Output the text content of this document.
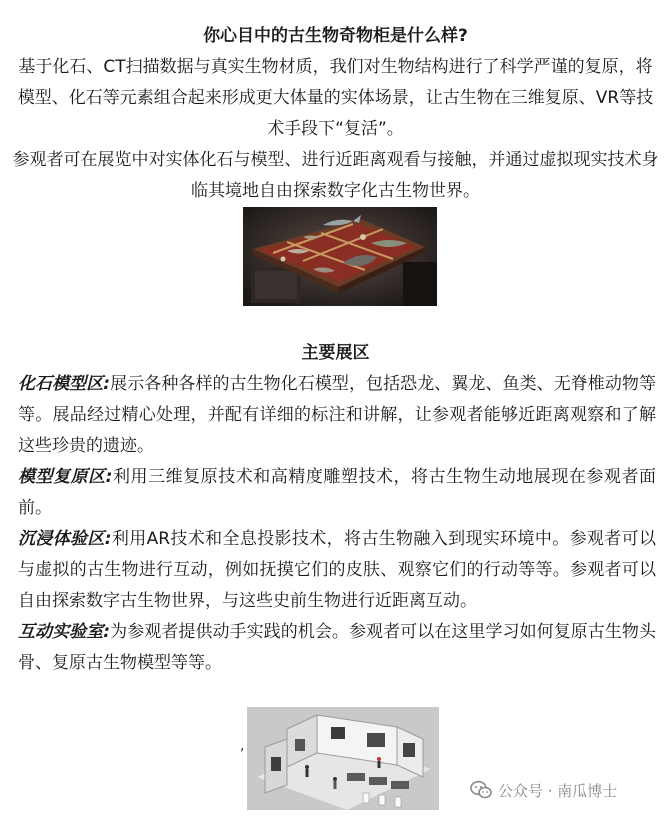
你心目中的古生物奇物柜是什么样?

基于化石、CT扫描数据与真实生物材质，我们对生物结构进行了科学严谨的复原，将模型、化石等元素组合起来形成更大体量的实体场景，让古生物在三维复原、VR等技术手段下“复活”。

参观者可在展览中对实体化石与模型、进行近距离观看与接触，并通过虚拟现实技术身临其境地自由探索数字化古生物世界。

主要展区

化石模型区:展示各种各样的古生物化石模型，包括恐龙、翼龙、鱼类、无脊椎动物等等。展品经过精心处理，并配有详细的标注和讲解，让参观者能够近距离观察和了解这些珍贵的遗迹。

模型复原区:利用三维复原技术和高精度雕塑技术，将古生物生动地展现在参观者面前。

沉浸体验区:利用AR技术和全息投影技术，将古生物融入到现实环境中。参观者可以与虚拟的古生物进行互动，例如抚摸它们的皮肤、观察它们的行动等等。参观者可以自由探索数字古生物世界，与这些史前生物进行近距离互动。

互动实验室:为参观者提供动手实践的机会。参观者可以在这里学习如何复原古生物头骨、复原古生物模型等等。

,
公众号 · 南瓜博士
